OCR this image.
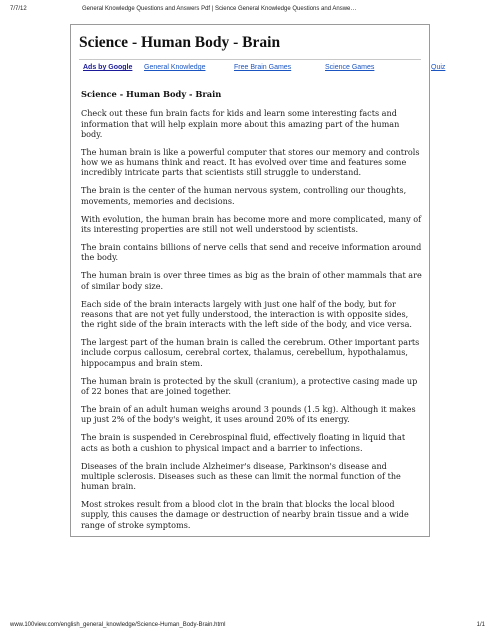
7/7/12	General Knowledge Questions and Answers Pdf | Science General Knowledge Questions and Answe…
Science - Human Body - Brain
Ads by Google General Knowledge	Free Brain Games	Science Games	Quiz
Science - Human Body - Brain

Check out these fun brain facts for kids and learn some interesting facts and information that will help explain more about this amazing part of the human body.

The human brain is like a powerful computer that stores our memory and controls how we as humans think and react. It has evolved over time and features some incredibly intricate parts that scientists still struggle to understand.

The brain is the center of the human nervous system, controlling our thoughts, movements, memories and decisions.

With evolution, the human brain has become more and more complicated, many of its interesting properties are still not well understood by scientists.

The brain contains billions of nerve cells that send and receive information around the body.

The human brain is over three times as big as the brain of other mammals that are of similar body size.

Each side of the brain interacts largely with just one half of the body, but for reasons that are not yet fully understood, the interaction is with opposite sides, the right side of the brain interacts with the left side of the body, and vice versa.

The largest part of the human brain is called the cerebrum. Other important parts include corpus callosum, cerebral cortex, thalamus, cerebellum, hypothalamus, hippocampus and brain stem.

The human brain is protected by the skull (cranium), a protective casing made up of 22 bones that are joined together.

The brain of an adult human weighs around 3 pounds (1.5 kg). Although it makes up just 2% of the body's weight, it uses around 20% of its energy.

The brain is suspended in Cerebrospinal fluid, effectively floating in liquid that acts as both a cushion to physical impact and a barrier to infections.

Diseases of the brain include Alzheimer's disease, Parkinson's disease and multiple sclerosis. Diseases such as these can limit the normal function of the human brain.

Most strokes result from a blood clot in the brain that blocks the local blood supply, this causes the damage or destruction of nearby brain tissue and a wide range of stroke symptoms.

www.100view.com/english_general_knowledge/Science-Human_Body-Brain.html	1/1
